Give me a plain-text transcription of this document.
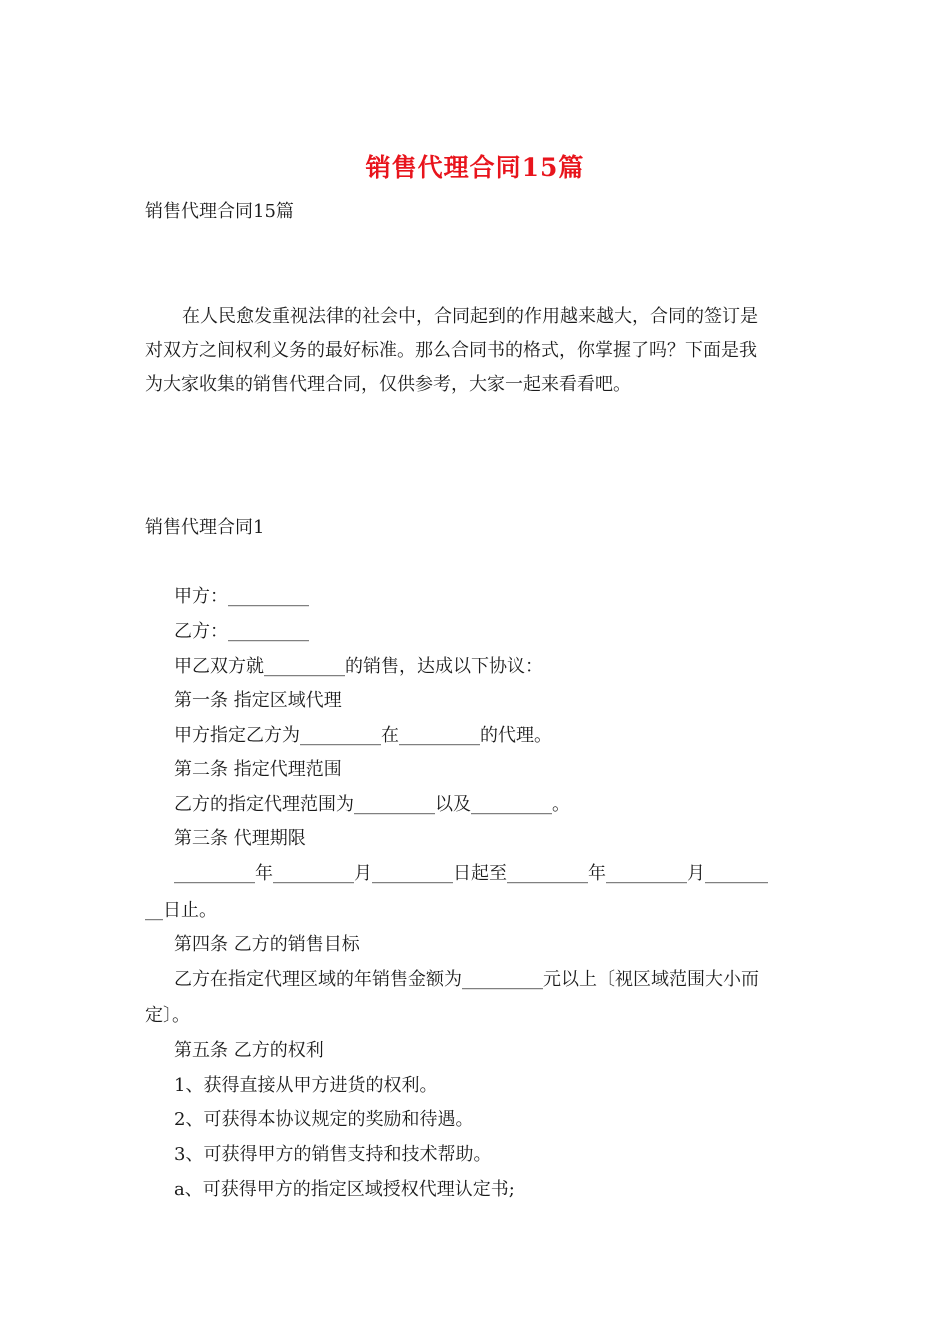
销售代理合同15篇
销售代理合同15篇
在人民愈发重视法律的社会中，合同起到的作用越来越大，合同的签订是
对双方之间权利义务的最好标准。那么合同书的格式，你掌握了吗？下面是我
为大家收集的销售代理合同，仅供参考，大家一起来看看吧。
销售代理合同1
甲方：_________
乙方：_________
甲乙双方就_________的销售，达成以下协议：
第一条 指定区域代理
甲方指定乙方为_________在_________的代理。
第二条 指定代理范围
乙方的指定代理范围为_________以及_________。
第三条 代理期限
_________年_________月_________日起至_________年_________月_______
__日止。
第四条 乙方的销售目标
乙方在指定代理区域的年销售金额为_________元以上〔视区域范围大小而
定〕。
第五条 乙方的权利
1、获得直接从甲方进货的权利。
2、可获得本协议规定的奖励和待遇。
3、可获得甲方的销售支持和技术帮助。
a、可获得甲方的指定区域授权代理认定书;
